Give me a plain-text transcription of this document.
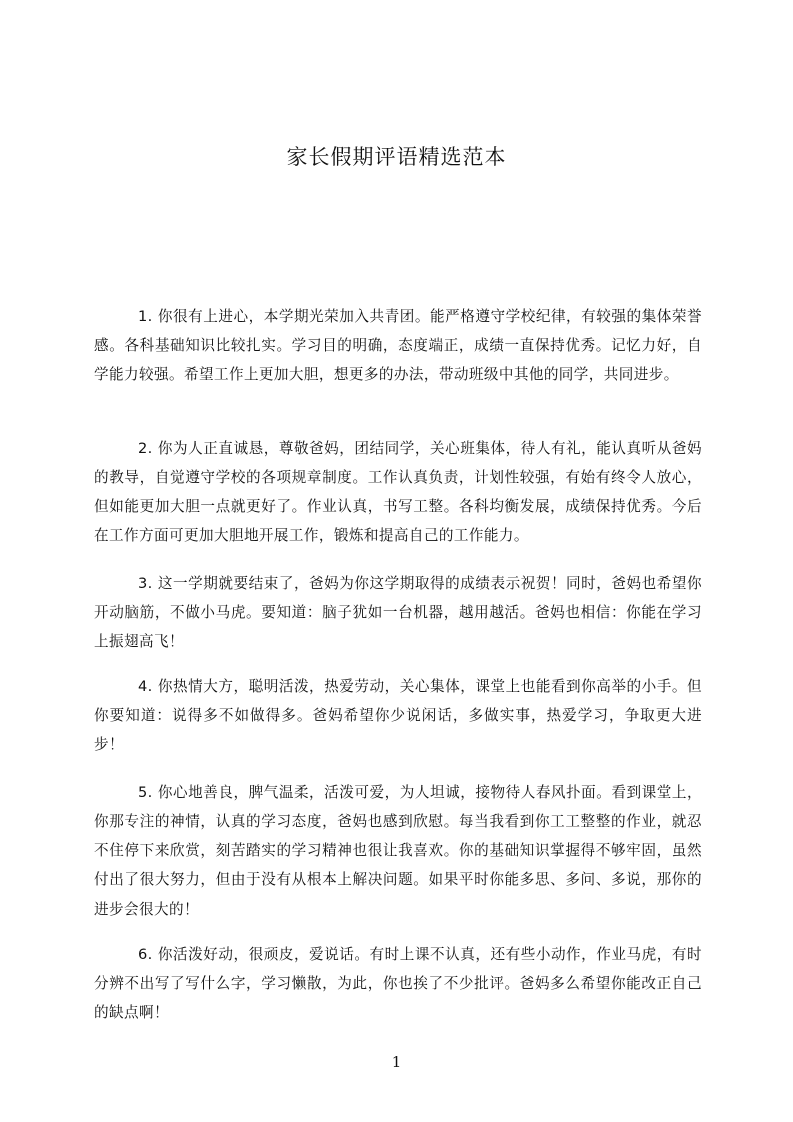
家长假期评语精选范本

1. 你很有上进心，本学期光荣加入共青团。能严格遵守学校纪律，有较强的集体荣誉感。各科基础知识比较扎实。学习目的明确，态度端正，成绩一直保持优秀。记忆力好，自学能力较强。希望工作上更加大胆，想更多的办法，带动班级中其他的同学，共同进步。

2. 你为人正直诚恳，尊敬爸妈，团结同学，关心班集体，待人有礼，能认真听从爸妈的教导，自觉遵守学校的各项规章制度。工作认真负责，计划性较强，有始有终令人放心，但如能更加大胆一点就更好了。作业认真，书写工整。各科均衡发展，成绩保持优秀。今后在工作方面可更加大胆地开展工作，锻炼和提高自己的工作能力。

3. 这一学期就要结束了，爸妈为你这学期取得的成绩表示祝贺！同时，爸妈也希望你开动脑筋，不做小马虎。要知道：脑子犹如一台机器，越用越活。爸妈也相信：你能在学习上振翅高飞！

4. 你热情大方，聪明活泼，热爱劳动，关心集体，课堂上也能看到你高举的小手。但你要知道：说得多不如做得多。爸妈希望你少说闲话，多做实事，热爱学习，争取更大进步！

5. 你心地善良，脾气温柔，活泼可爱，为人坦诚，接物待人春风扑面。看到课堂上，你那专注的神情，认真的学习态度，爸妈也感到欣慰。每当我看到你工工整整的作业，就忍不住停下来欣赏，刻苦踏实的学习精神也很让我喜欢。你的基础知识掌握得不够牢固，虽然付出了很大努力，但由于没有从根本上解决问题。如果平时你能多思、多问、多说，那你的进步会很大的！

6. 你活泼好动，很顽皮，爱说话。有时上课不认真，还有些小动作，作业马虎，有时分辨不出写了写什么字，学习懒散，为此，你也挨了不少批评。爸妈多么希望你能改正自己的缺点啊！

1
